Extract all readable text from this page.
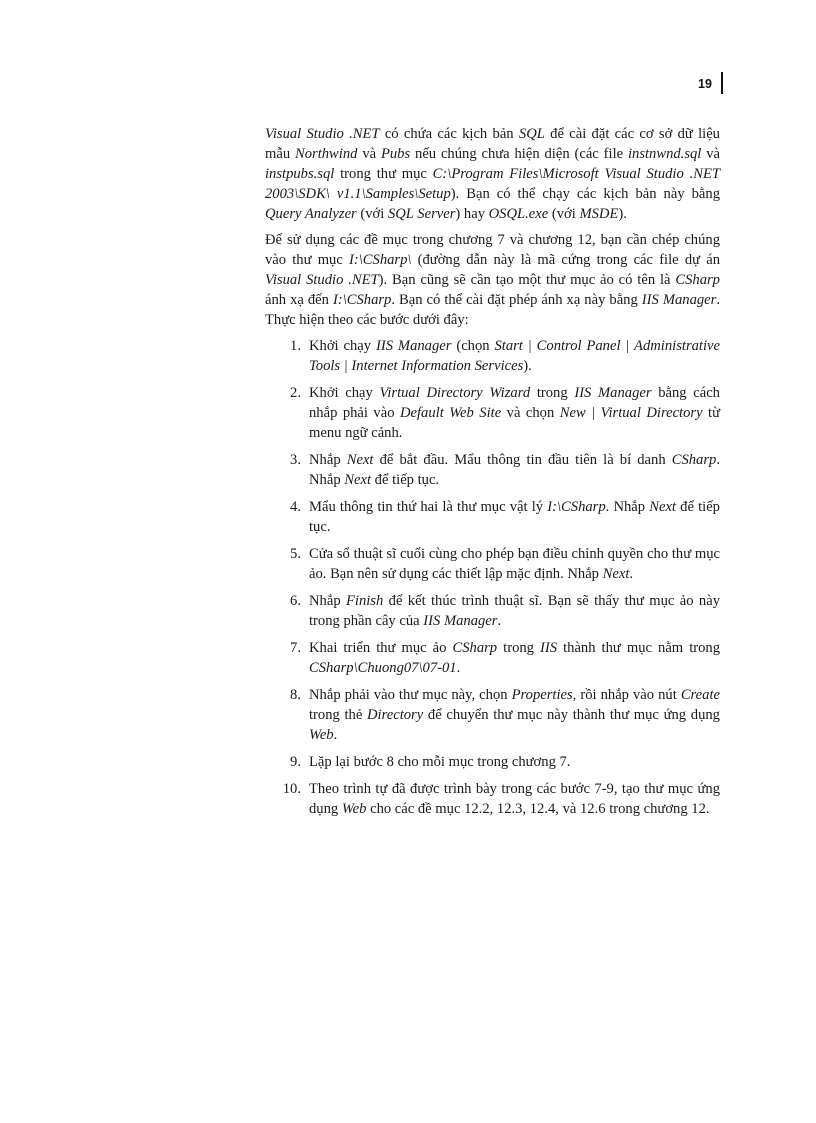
19

Visual Studio .NET có chứa các kịch bản SQL để cài đặt các cơ sở dữ liệu mẫu Northwind và Pubs nếu chúng chưa hiện diện (các file instnwnd.sql và instpubs.sql trong thư mục C:\Program Files\Microsoft Visual Studio .NET 2003\SDK\ v1.1\Samples\Setup). Bạn có thể chạy các kịch bản này bằng Query Analyzer (với SQL Server) hay OSQL.exe (với MSDE).

Để sử dụng các đề mục trong chương 7 và chương 12, bạn cần chép chúng vào thư mục I:\CSharp\ (đường dẫn này là mã cứng trong các file dự án Visual Studio .NET). Bạn cũng sẽ cần tạo một thư mục ảo có tên là CSharp ánh xạ đến I:\CSharp. Bạn có thể cài đặt phép ánh xạ này bằng IIS Manager. Thực hiện theo các bước dưới đây:

1. Khởi chạy IIS Manager (chọn Start | Control Panel | Administrative Tools | Internet Information Services).
2. Khởi chạy Virtual Directory Wizard trong IIS Manager bằng cách nhắp phải vào Default Web Site và chọn New | Virtual Directory từ menu ngữ cảnh.
3. Nhắp Next để bắt đầu. Mẩu thông tin đầu tiên là bí danh CSharp. Nhắp Next để tiếp tục.
4. Mẩu thông tin thứ hai là thư mục vật lý I:\CSharp. Nhắp Next để tiếp tục.
5. Cửa sổ thuật sĩ cuối cùng cho phép bạn điều chỉnh quyền cho thư mục ảo. Bạn nên sử dụng các thiết lập mặc định. Nhắp Next.
6. Nhắp Finish để kết thúc trình thuật sĩ. Bạn sẽ thấy thư mục ảo này trong phần cây của IIS Manager.
7. Khai triển thư mục ảo CSharp trong IIS thành thư mục nằm trong CSharp\Chuong07\07-01.
8. Nhắp phải vào thư mục này, chọn Properties, rồi nhắp vào nút Create trong thẻ Directory để chuyển thư mục này thành thư mục ứng dụng Web.
9. Lặp lại bước 8 cho mỗi mục trong chương 7.
10. Theo trình tự đã được trình bày trong các bước 7-9, tạo thư mục ứng dụng Web cho các đề mục 12.2, 12.3, 12.4, và 12.6 trong chương 12.
